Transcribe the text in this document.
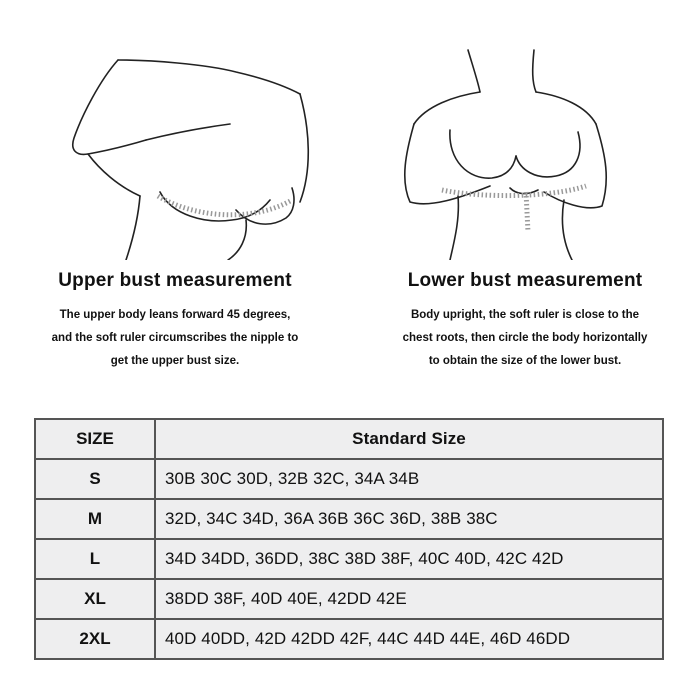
Upper bust measurement
The upper body leans forward 45 degrees,
and the soft ruler circumscribes the nipple to
get the upper bust size.
Lower bust measurement
Body upright, the soft ruler is close to the
chest roots, then circle the body horizontally
to obtain the size of the lower bust.
SIZE	Standard Size
S	30B 30C 30D, 32B 32C, 34A 34B
M	32D, 34C 34D, 36A 36B 36C 36D, 38B 38C
L	34D 34DD, 36DD, 38C 38D 38F, 40C 40D, 42C 42D
XL	38DD 38F, 40D 40E, 42DD 42E
2XL	40D 40DD, 42D 42DD 42F, 44C 44D 44E, 46D 46DD
